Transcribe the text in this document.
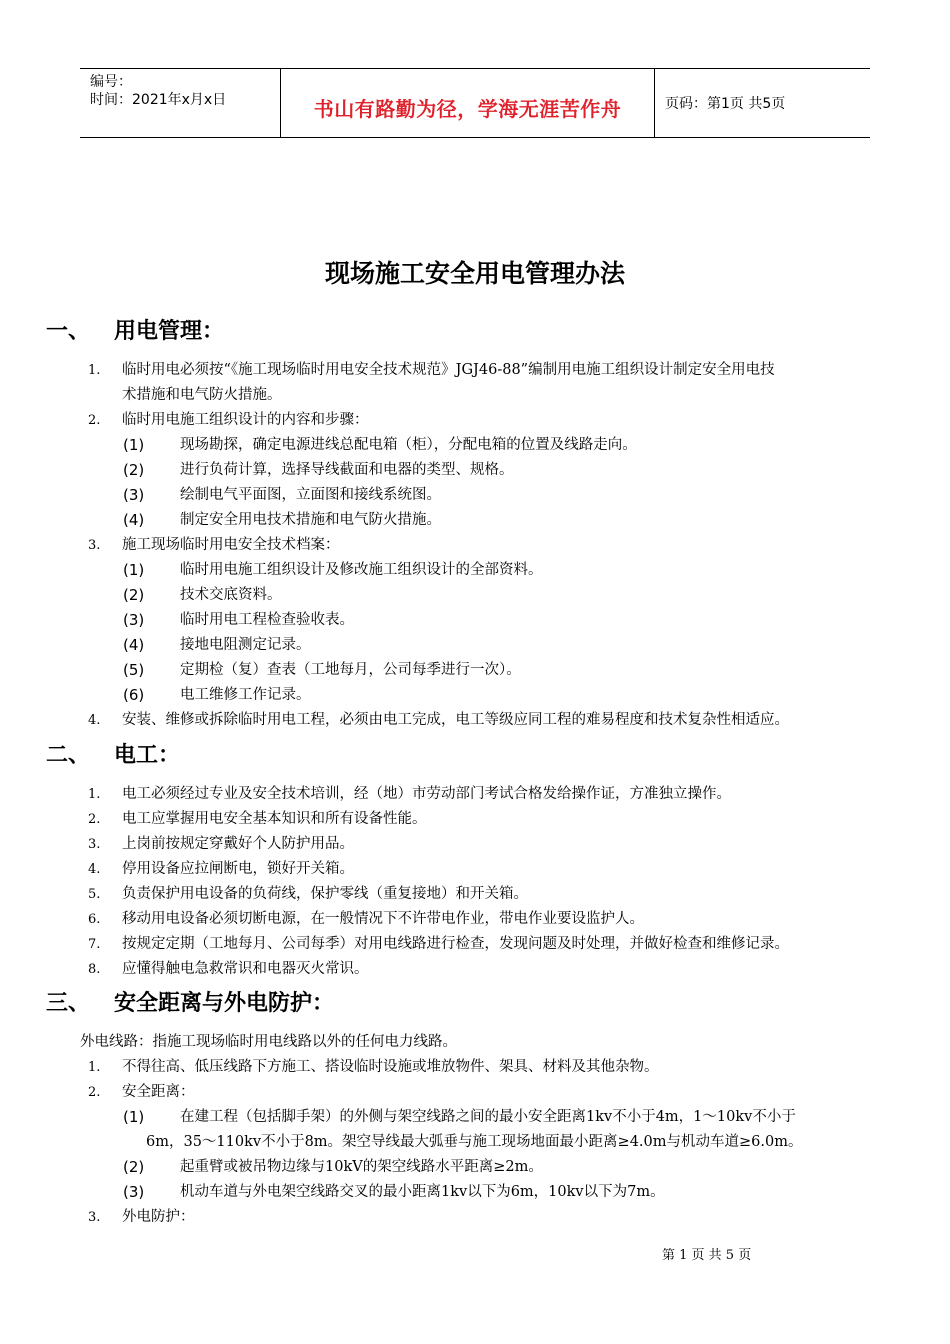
编号：
时间：2021年x月x日	书山有路勤为径，学海无涯苦作舟	页码：第1页 共5页
现场施工安全用电管理办法
一、 用电管理：
1. 临时用电必须按“《施工现场临时用电安全技术规范》JGJ46-88”编制用电施工组织设计制定安全用电技
术措施和电气防火措施。
2. 临时用电施工组织设计的内容和步骤：
(1) 现场勘探，确定电源进线总配电箱（柜），分配电箱的位置及线路走向。
(2) 进行负荷计算，选择导线截面和电器的类型、规格。
(3) 绘制电气平面图，立面图和接线系统图。
(4) 制定安全用电技术措施和电气防火措施。
3. 施工现场临时用电安全技术档案：
(1) 临时用电施工组织设计及修改施工组织设计的全部资料。
(2) 技术交底资料。
(3) 临时用电工程检查验收表。
(4) 接地电阻测定记录。
(5) 定期检（复）查表（工地每月，公司每季进行一次）。
(6) 电工维修工作记录。
4. 安装、维修或拆除临时用电工程，必须由电工完成，电工等级应同工程的难易程度和技术复杂性相适应。
二、 电工：
1. 电工必须经过专业及安全技术培训，经（地）市劳动部门考试合格发给操作证，方准独立操作。
2. 电工应掌握用电安全基本知识和所有设备性能。
3. 上岗前按规定穿戴好个人防护用品。
4. 停用设备应拉闸断电，锁好开关箱。
5. 负责保护用电设备的负荷线，保护零线（重复接地）和开关箱。
6. 移动用电设备必须切断电源，在一般情况下不许带电作业，带电作业要设监护人。
7. 按规定定期（工地每月、公司每季）对用电线路进行检查，发现问题及时处理，并做好检查和维修记录。
8. 应懂得触电急救常识和电器灭火常识。
三、 安全距离与外电防护：
外电线路：指施工现场临时用电线路以外的任何电力线路。
1. 不得往高、低压线路下方施工、搭设临时设施或堆放物件、架具、材料及其他杂物。
2. 安全距离：
(1) 在建工程（包括脚手架）的外侧与架空线路之间的最小安全距离1kv不小于4m，1～10kv不小于
6m，35～110kv不小于8m。架空导线最大弧垂与施工现场地面最小距离≥4.0m与机动车道≥6.0m。
(2) 起重臂或被吊物边缘与10kV的架空线路水平距离≥2m。
(3) 机动车道与外电架空线路交叉的最小距离1kv以下为6m，10kv以下为7m。
3. 外电防护：
第 1 页 共 5 页
